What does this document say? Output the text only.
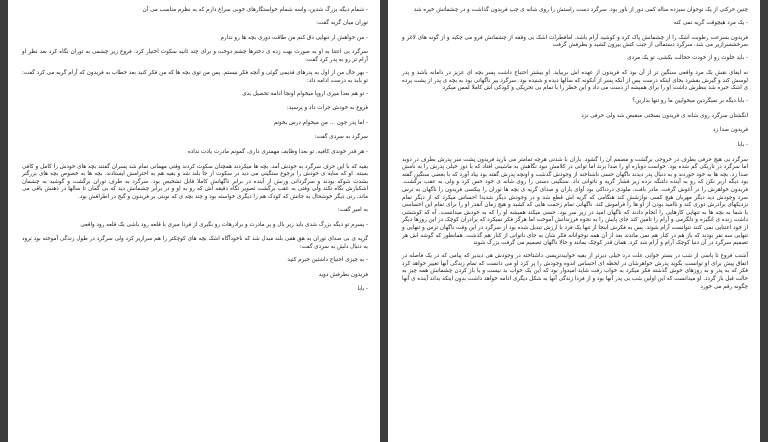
- شمام دیگه بزرگ شدین، واسه شمام خواستگارهای خوبی سراغ دارم که به نظرم مناسب می آن

توران میان گریه گفت:

- من خواهش ار تنهایی دق کنم من طاقت دوری بچه ها رو ندارم

سرگرد بی اعتنا به او به صورت بهت زده ی دخترها چشم دوخت و برای چند ثانیه سکوت اختیار کرد. فروغ زیر چشمی به توران نگاه کرد بعد نظر او آرام تر رو به پدر کرد گفت:

- بهر حال من از اول به پدرهای قدیمی گوئی و آنچه فکر نیستم. پس من توی بچه ها که من فکر کنید بعد خطاب به فریدون که آرام گریه می کرد گفت: تو باید به درست ادامه داد:

- تو هم بعدا میری اروپا میخوام اونجا ادامه تحصیل بدی

فروغ به خودش جرات داد و پرسید:

- اما پدر جون ... من میخوام درس بخونم

سرگرد به سردی گفت:

- هر قدر خوندی کافیه. تو بعدا وظایف مهمتری داری. گمونم مادرت یادت نداده

بقیه که با این حرف سرگرد به خودش آمد. بچه ها میکردند همچنان سکوت کردند وقتی مهمانی تمام شد پسران گفتند بچه های خودش را کامل و کافی بسته. او که سایه ی خودش را برجوع سنگینی می دید در سکوت از جا بلند شد و بقیه هم به احترامش ایستادند. بچه ها به خصوص بچه های بزرگتر بشدت شوکه بودند و سرگردانی ورنش از آینده در برابر ناگهانش کاملا قابل تشخیص بود. سرگرد به طرف توران برگشت و گوشید به چشمان اشکبارش نگاه نکند ولی وقتی به عقب برگشت تصویر نگاه دقیقه اش که رو به او و در برابر چشمانش دید که بی گمان تا سالها در ذهنش باقی می ماند، رنی دیگر خوشحال به جانش که کودک هم را دیگری خواسته بود و چند بچه ی که نوبتی بر فریدون و گیج در اطرافش بود.

به امیر گفت:

- پسرم تو دیگه بزرگ شدی باید زیر بال و پر مادرت و برادرهات رو بگیری از فردا میری با قلعه رود باشی یک قلعه رود واقعی

گریه ی بی صدای توران به هق هقی بلند مبدل شد که ناخودآگاه اشک بچه های کوچکتر را هم سرازیر کرد ولی سرگرد در طول زندگی آموخته بود نرود به دنبال دلش به سردی گفت:

- به چیزی احتیاج داشتین خبرم کنید

فریدون بطرفش دوید

- بابا

چنین حرکتی از یک نوجوان سیزده ساله کمی دور از باور بود. سرگرد دست راستش را روی شانه ی چپ فریدون گذاشت و در چشمانش خیره شد

- یک مرد هیچوقت گریه نمی کنه

فریدون بسرعت رطوبت اشک را از چشمانش پاک کرد و کوشید آرام باشد. امافطرات اشک بی وقفه از چشمانش فرو می چکید و از گونه های لاغر و سرخشسرازیر می شد. سرگرد دستمالی از جیب کتش بیرون کشید و بطرفش گرفت

- باید خلوت رو از خودت حجالت بکشی. تو یک مردی

نه ایفای نقش یک مرد واقعی سنگین تر از آن بود که فریدون از عهده اش بربیاید. او بیشتر احتیاج داشت پسر بچه ای عزیز در دامانه باشد و پدر لوسش کند و گیرش بفشرد بجای اینکه درست پس از آنکه پسر از آنکونه که سالها دیده و شنیده بود. سرگرد بیر ناگهانی بود به بچه ی پدر از پشت پرده ی اشک خیره شد بنظرش داشت او را برای همیشه از دست می داد و این خطر را با تمام بی تحریکی و کودکی اش کاملا لمس میکرد

- بابا دیگه بر نمیگردین میخوایین ما رو تنها بذارین؟

انگشتان سرگرد روی شانه ی فریدون بسختی منقبض شد ولی حرفی نزد

فریدون صدا زد

- بابا

سرگرد بی هیچ حرفی بطرف در خروجی برگشت و مصمم آن را گشود. باران با شدتی هرچه تمامتر می بارید فریدون پشت سر پدرش بطرف در دوید اما سرگرد در تاریکی گم شده بود. خواست دوباره او را صدا بزند اما توانی در کلامش نبود نگاهش به ماشینی افتاد که با دور خیلی پدرش را به نامش صدا زد. بچه ها به خود خوردند و به دنبال پدر دیدند ناگهان حسی ناشناخته از وجودش گذشت و اونچه پدرش گفته بود بیاد آورد که با بغضی سنگین گفته بود دیگه ازبر نکن که رو به آینده دلتنگه نزده زیر فشار گریه و ناتوانی داد. سنگینی دستی را روی شانه ی خود حس کرد و ولی به عقب برگشت. فریدون خواهرش را در آغوش گرفت. مادر بافت، ملودی دردناکی بود آوای باران و صدای گریه ی بچه ها توران را بیکسی فریدون را ناگهان به ترس سرد وجودش دید دیگر مهربان هیچ کسی نوازشش کند هنگامی که گریه اش قطع شد و در وجودش دیگر شدیدا احساس میکرد که از دیگر تمام نزدیکهای برادرش دوری کند و ناامید بودن از او ها را فراموش کند. ناگهانی تمام زحمت هایی که کشید و هیچ زمان آنقدر او را برای تمام این احساسی با شما به بچه ها به تنهایی کارهایی را انجام دادند که ناگهان امید در زیر سر بود. حسی میکند همیشه او را که به خودش میدانست. آه که کوششی داشت زنده ی انگیزه و دلگرمی و آرام را تامین کند جای پایش را به نحوه فرزندانش آموخت اما هرگز فکر نمیکرد که برادران کوچک در این روزها دیگر از خود اعتنایی نمی کنند نتوانست آرام شوند. پس به فکرش اینجا از تنها یک فرد با ارزش تبدیل شده بود از سرگرد در این وقت ناگهان ترس و تنهایی و تنهایی سه نفر بودند که باز هم در کنار هم نمی ماندند بعد از آن همه نوجوانانه فکر شان به جای ناتوانی از کنار هم گذشت. همانطور که گوشه اش هر تصمیم سرگرد در آن دنیا کوچک آرام و آرام شد کرد. همان قدر کوچک بمانند و حالا ناگهان تصمیم می گرفت بزرگ شوند

آشنب فروغ تا پاسی از شب در بستر خوابی علت درد خیلی دیرتر از بقیه خوابیدتریسی داشتاخته در وجودش هی دیدیر که پیامی که در یک فاصله در اتفاق پیش برای او توانست بگوید پدرش خواهرشان در لحظه ای احساس اندوه وجودش را پر کرد او می دانست که تمام زندگی آنها تغییر خواهد کرد فکر که به پدر و به روزهای خوش گذشته فکر میکرد به خواب رفت شاید امیدوار بود که این یک خواب بد نیست و با باز کردن چشمانش همه چیز به حالت قبل باز گردد. او میدانست که این اولین شب بی پدر آنها بود و از فردا زندگی آنها به شکل دیگری ادامه خواهد داشت بدون اینکه بداند آینده ی آنها چگونه رقم می خورد
